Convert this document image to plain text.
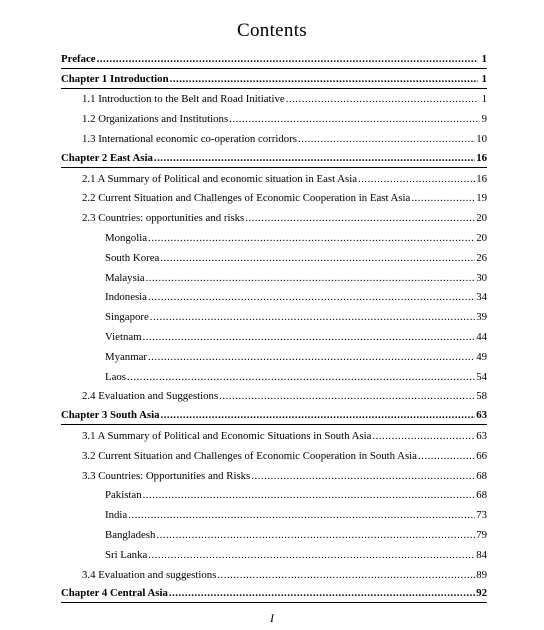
Contents
Preface .....	1
Chapter 1 Introduction .....	1
1.1 Introduction to the Belt and Road Initiative .....	1
1.2 Organizations and Institutions .....	9
1.3 International economic co-operation corridors .....	10
Chapter 2 East Asia .....	16
2.1 A Summary of Political and economic situation in East Asia .....	16
2.2 Current Situation and Challenges of Economic Cooperation in East Asia .....	19
2.3 Countries: opportunities and risks .....	20
Mongolia .....	20
South Korea .....	26
Malaysia .....	30
Indonesia .....	34
Singapore .....	39
Vietnam .....	44
Myanmar .....	49
Laos .....	54
2.4 Evaluation and Suggestions .....	58
Chapter 3 South Asia .....	63
3.1 A Summary of Political and Economic Situations in South Asia .....	63
3.2 Current Situation and Challenges of Economic Cooperation in South Asia .....	66
3.3 Countries: Opportunities and Risks .....	68
Pakistan .....	68
India .....	73
Bangladesh .....	79
Sri Lanka .....	84
3.4 Evaluation and suggestions .....	89
Chapter 4 Central Asia .....	92
I
